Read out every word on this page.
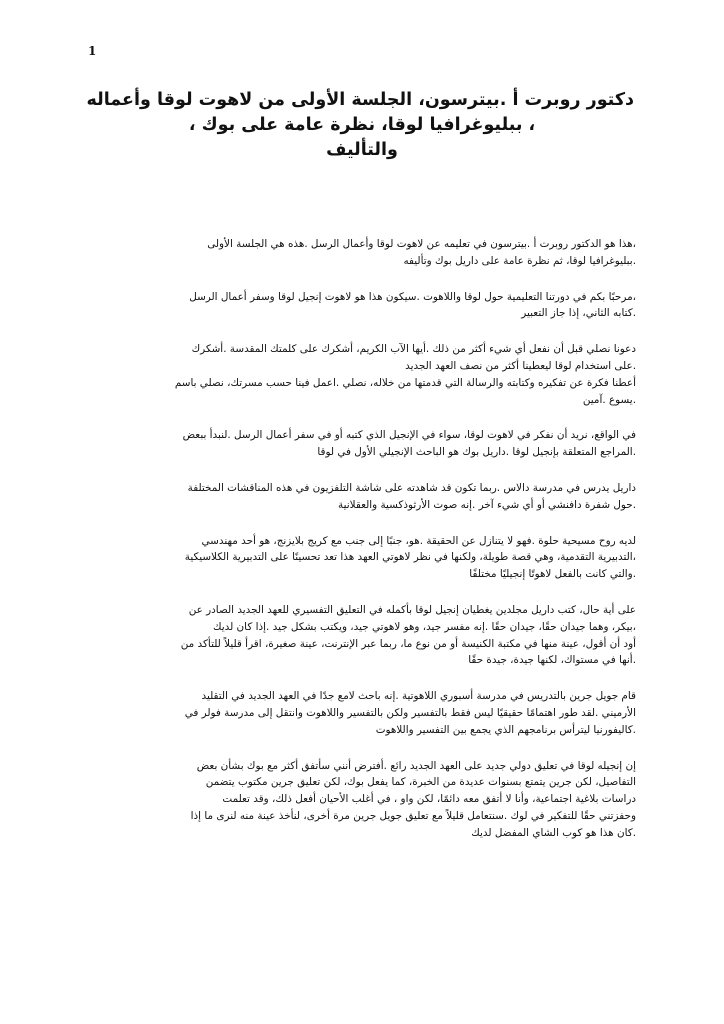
1
دكتور روبرت أ .بيترسون، الجلسة الأولى من لاهوت لوقا وأعماله
، ببليوغرافيا لوقا، نظرة عامة على بوك ،
والتأليف
،هذا هو الدكتور روبرت أ .بيترسون في تعليمه عن لاهوت لوقا وأعمال الرسل .هذه هي الجلسة الأولى
.ببليوغرافيا لوقا، ثم نظرة عامة على داريل بوك وتأليفه
،مرحبًا بكم في دورتنا التعليمية حول لوقا واللاهوت .سيكون هذا هو لاهوت إنجيل لوقا وسفر أعمال الرسل
.كتابه الثاني، إذا جاز التعبير
دعونا نصلي قبل أن نفعل أي شيء أكثر من ذلك .أيها الآب الكريم، أشكرك على كلمتك المقدسة .أشكرك
.على استخدام لوقا ليعطينا أكثر من نصف العهد الجديد
أعطنا فكرة عن تفكيره وكتابته والرسالة التي قدمتها من خلاله، نصلي .اعمل فينا حسب مسرتك، نصلي باسم
.يسوع .آمين
في الواقع، نريد أن نفكر في لاهوت لوقا، سواء في الإنجيل الذي كتبه أو في سفر أعمال الرسل .لنبدأ ببعض
.المراجع المتعلقة بإنجيل لوقا .داريل بوك هو الباحث الإنجيلي الأول في لوقا
داريل يدرس في مدرسة دالاس .ربما تكون قد شاهدته على شاشة التلفزيون في هذه المناقشات المختلفة
.حول شفرة دافنشي أو أي شيء آخر .إنه صوت الأرثوذكسية والعقلانية
لديه روح مسيحية حلوة .فهو لا يتنازل عن الحقيقة .هو، جنبًا إلى جنب مع كريج بلايزنج، هو أحد مهندسي
،التدبيرية التقدمية، وهي قصة طويلة، ولكنها في نظر لاهوتي العهد هذا تعد تحسينًا على التدبيرية الكلاسيكية
.والتي كانت بالفعل لاهوتًا إنجيليًا مختلفًا
على أية حال، كتب داريل مجلدين يغطيان إنجيل لوقا بأكمله في التعليق التفسيري للعهد الجديد الصادر عن
،بيكر، وهما جيدان حقًا، جيدان حقًا .إنه مفسر جيد، وهو لاهوتي جيد، ويكتب بشكل جيد .إذا كان لديك
أود أن أقول، عينة منها في مكتبة الكنيسة أو من نوع ما، ربما عبر الإنترنت، عينة صغيرة، اقرأ قليلاً للتأكد من
.أنها في مستواك، لكنها جيدة، جيدة حقًا
قام جويل جرين بالتدريس في مدرسة أسبوري اللاهوتية .إنه باحث لامع جدًا في العهد الجديد في التقليد
الأرميني .لقد طور اهتمامًا حقيقيًا ليس فقط بالتفسير ولكن بالتفسير واللاهوت وانتقل إلى مدرسة فولر في
.كاليفورنيا ليترأس برنامجهم الذي يجمع بين التفسير واللاهوت
إن إنجيله لوقا في تعليق دولي جديد على العهد الجديد رائع .أفترض أنني سأتفق أكثر مع بوك بشأن بعض
التفاصيل، لكن جرين يتمتع بسنوات عديدة من الخبرة، كما يفعل بوك، لكن تعليق جرين مكتوب يتضمن
دراسات بلاغية اجتماعية، وأنا لا أتفق معه دائمًا، لكن واو ، في أغلب الأحيان أفعل ذلك، وقد تعلمت
وحفزتني حقًا للتفكير في لوك .سنتعامل قليلاً مع تعليق جويل جرين مرة أخرى، لنأخذ عينة منه لنرى ما إذا
.كان هذا هو كوب الشاي المفضل لديك
